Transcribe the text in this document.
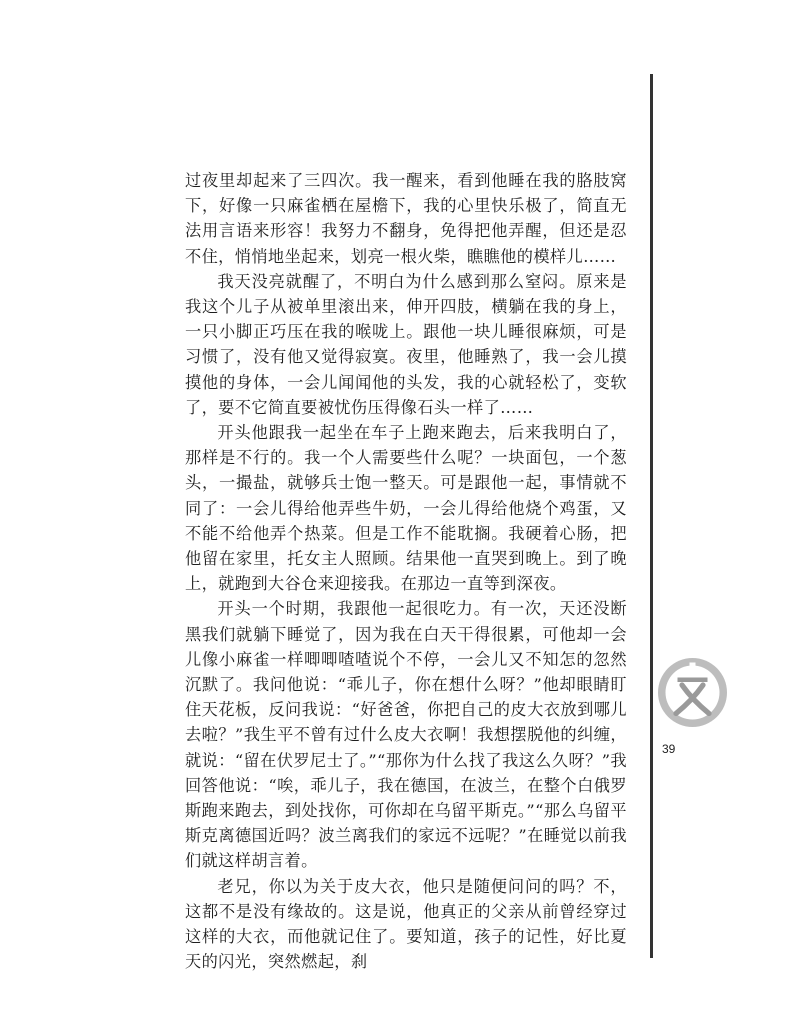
过夜里却起来了三四次。我一醒来，看到他睡在我的胳肢窝下，好像一只麻雀栖在屋檐下，我的心里快乐极了，简直无法用言语来形容！我努力不翻身，免得把他弄醒，但还是忍不住，悄悄地坐起来，划亮一根火柴，瞧瞧他的模样儿……

我天没亮就醒了，不明白为什么感到那么窒闷。原来是我这个儿子从被单里滚出来，伸开四肢，横躺在我的身上，一只小脚正巧压在我的喉咙上。跟他一块儿睡很麻烦，可是习惯了，没有他又觉得寂寞。夜里，他睡熟了，我一会儿摸摸他的身体，一会儿闻闻他的头发，我的心就轻松了，变软了，要不它简直要被忧伤压得像石头一样了……

开头他跟我一起坐在车子上跑来跑去，后来我明白了，那样是不行的。我一个人需要些什么呢？一块面包，一个葱头，一撮盐，就够兵士饱一整天。可是跟他一起，事情就不同了：一会儿得给他弄些牛奶，一会儿得给他烧个鸡蛋，又不能不给他弄个热菜。但是工作不能耽搁。我硬着心肠，把他留在家里，托女主人照顾。结果他一直哭到晚上。到了晚上，就跑到大谷仓来迎接我。在那边一直等到深夜。

开头一个时期，我跟他一起很吃力。有一次，天还没断黑我们就躺下睡觉了，因为我在白天干得很累，可他却一会儿像小麻雀一样唧唧喳喳说个不停，一会儿又不知怎的忽然沉默了。我问他说：“乖儿子，你在想什么呀？”他却眼睛盯住天花板，反问我说：“好爸爸，你把自己的皮大衣放到哪儿去啦？”我生平不曾有过什么皮大衣啊！我想摆脱他的纠缠，就说：“留在伏罗尼士了。”“那你为什么找了我这么久呀？”我回答他说：“唉，乖儿子，我在德国，在波兰，在整个白俄罗斯跑来跑去，到处找你，可你却在乌留平斯克。”“那么乌留平斯克离德国近吗？波兰离我们的家远不远呢？”在睡觉以前我们就这样胡言着。

老兄，你以为关于皮大衣，他只是随便问问的吗？不，这都不是没有缘故的。这是说，他真正的父亲从前曾经穿过这样的大衣，而他就记住了。要知道，孩子的记性，好比夏天的闪光，突然燃起，刹

39
